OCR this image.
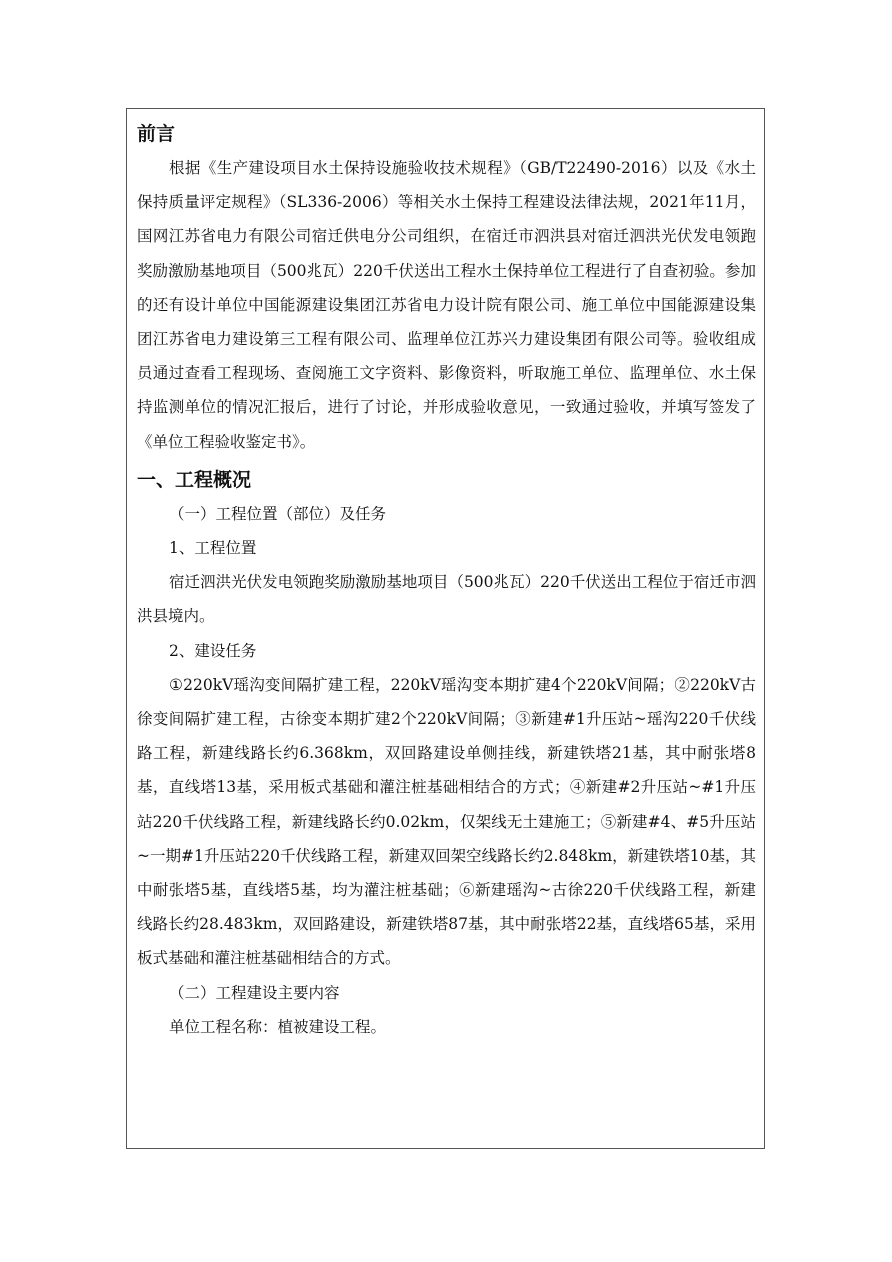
前言

根据《生产建设项目水土保持设施验收技术规程》（GB/T22490-2016）以及《水土保持质量评定规程》（SL336-2006）等相关水土保持工程建设法律法规，2021年11月，国网江苏省电力有限公司宿迁供电分公司组织，在宿迁市泗洪县对宿迁泗洪光伏发电领跑奖励激励基地项目（500兆瓦）220千伏送出工程水土保持单位工程进行了自查初验。参加的还有设计单位中国能源建设集团江苏省电力设计院有限公司、施工单位中国能源建设集团江苏省电力建设第三工程有限公司、监理单位江苏兴力建设集团有限公司等。验收组成员通过查看工程现场、查阅施工文字资料、影像资料，听取施工单位、监理单位、水土保持监测单位的情况汇报后，进行了讨论，并形成验收意见，一致通过验收，并填写签发了《单位工程验收鉴定书》。

一、工程概况

（一）工程位置（部位）及任务

1、工程位置

宿迁泗洪光伏发电领跑奖励激励基地项目（500兆瓦）220千伏送出工程位于宿迁市泗洪县境内。

2、建设任务

①220kV瑶沟变间隔扩建工程，220kV瑶沟变本期扩建4个220kV间隔；②220kV古徐变间隔扩建工程，古徐变本期扩建2个220kV间隔；③新建#1升压站~瑶沟220千伏线路工程，新建线路长约6.368km，双回路建设单侧挂线，新建铁塔21基，其中耐张塔8基，直线塔13基，采用板式基础和灌注桩基础相结合的方式；④新建#2升压站~#1升压站220千伏线路工程，新建线路长约0.02km，仅架线无土建施工；⑤新建#4、#5升压站~一期#1升压站220千伏线路工程，新建双回架空线路长约2.848km，新建铁塔10基，其中耐张塔5基，直线塔5基，均为灌注桩基础；⑥新建瑶沟~古徐220千伏线路工程，新建线路长约28.483km，双回路建设，新建铁塔87基，其中耐张塔22基，直线塔65基，采用板式基础和灌注桩基础相结合的方式。

（二）工程建设主要内容

单位工程名称：植被建设工程。
